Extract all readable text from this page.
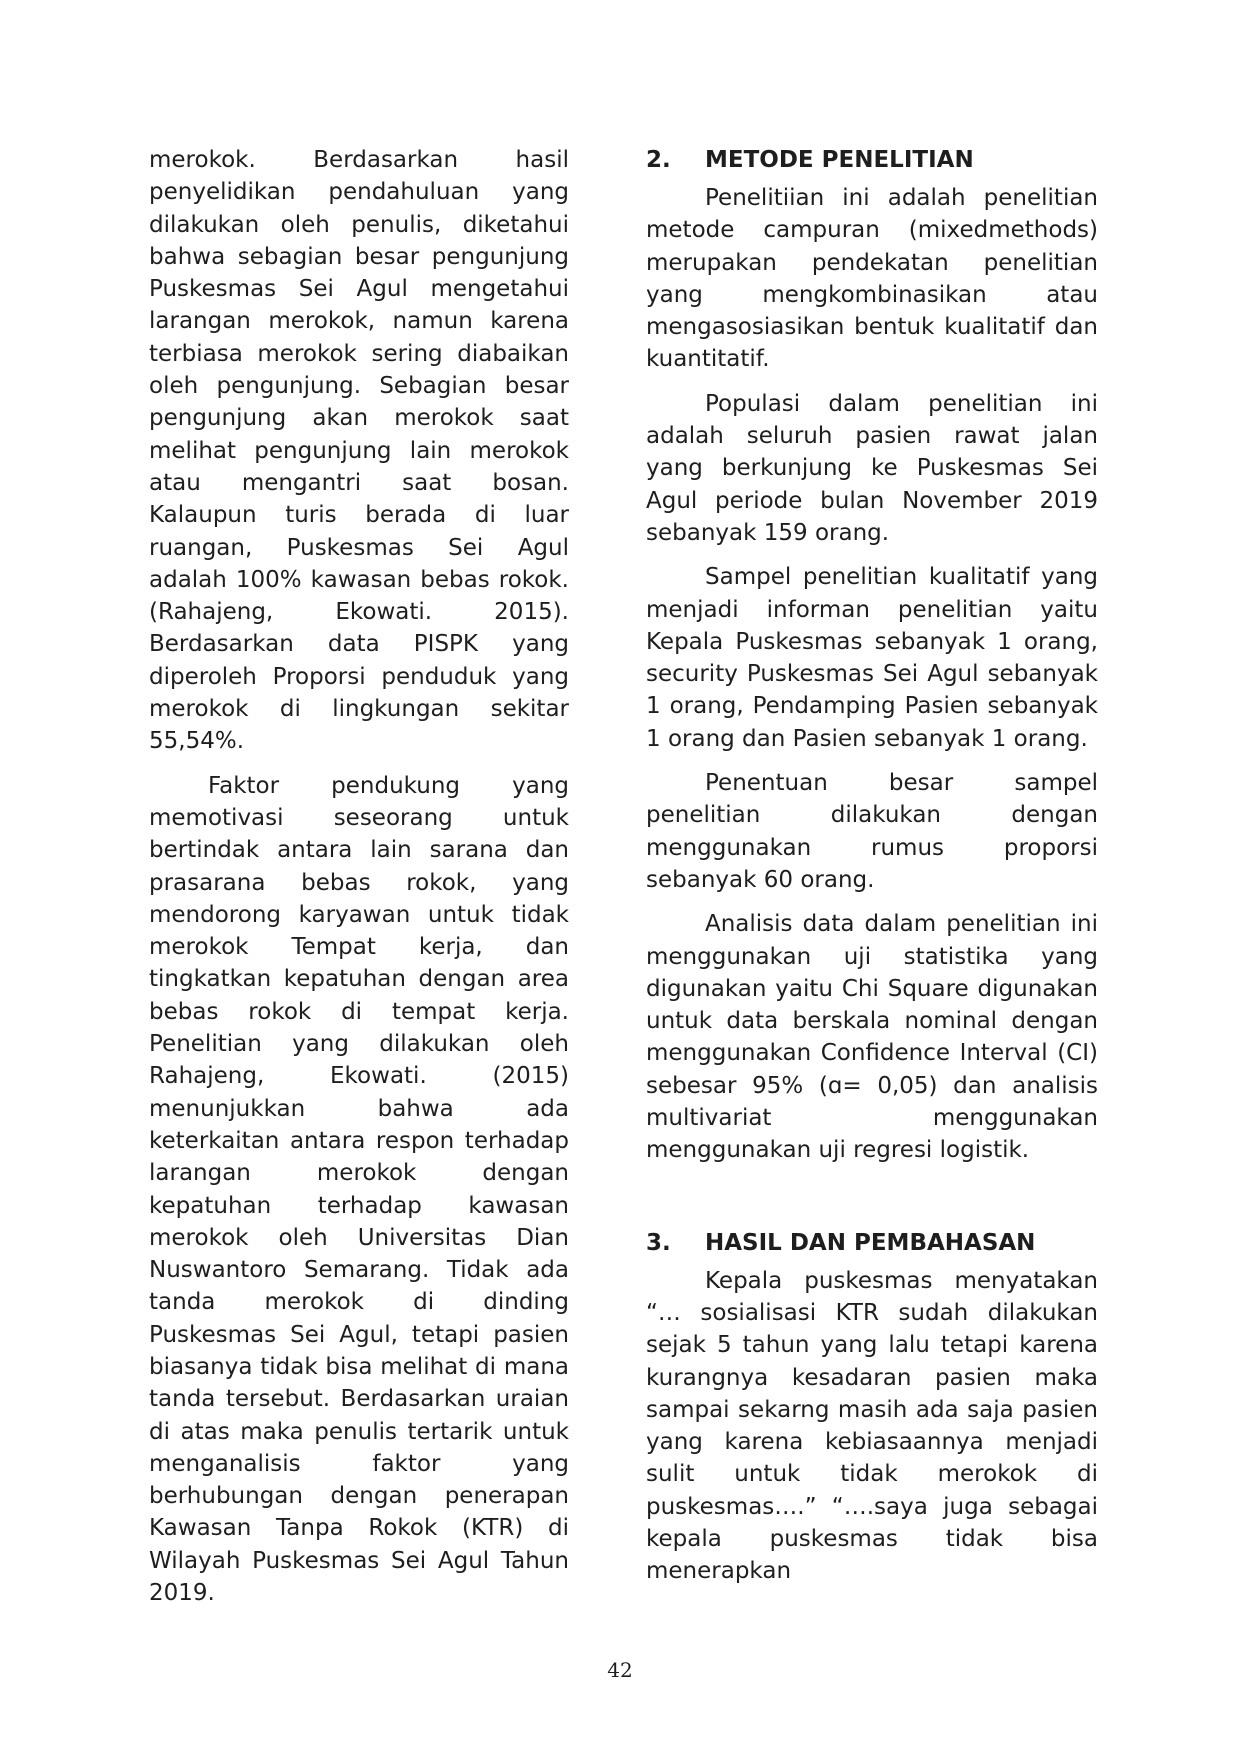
merokok. Berdasarkan hasil penyelidikan pendahuluan yang dilakukan oleh penulis, diketahui bahwa sebagian besar pengunjung Puskesmas Sei Agul mengetahui larangan merokok, namun karena terbiasa merokok sering diabaikan oleh pengunjung. Sebagian besar pengunjung akan merokok saat melihat pengunjung lain merokok atau mengantri saat bosan. Kalaupun turis berada di luar ruangan, Puskesmas Sei Agul adalah 100% kawasan bebas rokok. (Rahajeng, Ekowati. 2015). Berdasarkan data PISPK yang diperoleh Proporsi penduduk yang merokok di lingkungan sekitar 55,54%.

Faktor pendukung yang memotivasi seseorang untuk bertindak antara lain sarana dan prasarana bebas rokok, yang mendorong karyawan untuk tidak merokok Tempat kerja, dan tingkatkan kepatuhan dengan area bebas rokok di tempat kerja. Penelitian yang dilakukan oleh Rahajeng, Ekowati. (2015) menunjukkan bahwa ada keterkaitan antara respon terhadap larangan merokok dengan kepatuhan terhadap kawasan merokok oleh Universitas Dian Nuswantoro Semarang. Tidak ada tanda merokok di dinding Puskesmas Sei Agul, tetapi pasien biasanya tidak bisa melihat di mana tanda tersebut. Berdasarkan uraian di atas maka penulis tertarik untuk menganalisis faktor yang berhubungan dengan penerapan Kawasan Tanpa Rokok (KTR) di Wilayah Puskesmas Sei Agul Tahun 2019.

2.	METODE PENELITIAN

Penelitiian ini adalah penelitian metode campuran (mixedmethods) merupakan pendekatan penelitian yang mengkombinasikan atau mengasosiasikan bentuk kualitatif dan kuantitatif.

Populasi dalam penelitian ini adalah seluruh pasien rawat jalan yang berkunjung ke Puskesmas Sei Agul periode bulan November 2019 sebanyak 159 orang.

Sampel penelitian kualitatif yang menjadi informan penelitian yaitu Kepala Puskesmas sebanyak 1 orang, security Puskesmas Sei Agul sebanyak 1 orang, Pendamping Pasien sebanyak 1 orang dan Pasien sebanyak 1 orang.

Penentuan besar sampel penelitian dilakukan dengan menggunakan rumus proporsi sebanyak 60 orang.

Analisis data dalam penelitian ini menggunakan uji statistika yang digunakan yaitu Chi Square digunakan untuk data berskala nominal dengan menggunakan Confidence Interval (CI) sebesar 95% (ɑ= 0,05) dan analisis multivariat menggunakan menggunakan uji regresi logistik.

3.	HASIL DAN PEMBAHASAN

Kepala puskesmas menyatakan “… sosialisasi KTR sudah dilakukan sejak 5 tahun yang lalu tetapi karena kurangnya kesadaran pasien maka sampai sekarng masih ada saja pasien yang karena kebiasaannya menjadi sulit untuk tidak merokok di puskesmas….” “….saya juga sebagai kepala puskesmas tidak bisa menerapkan

42
